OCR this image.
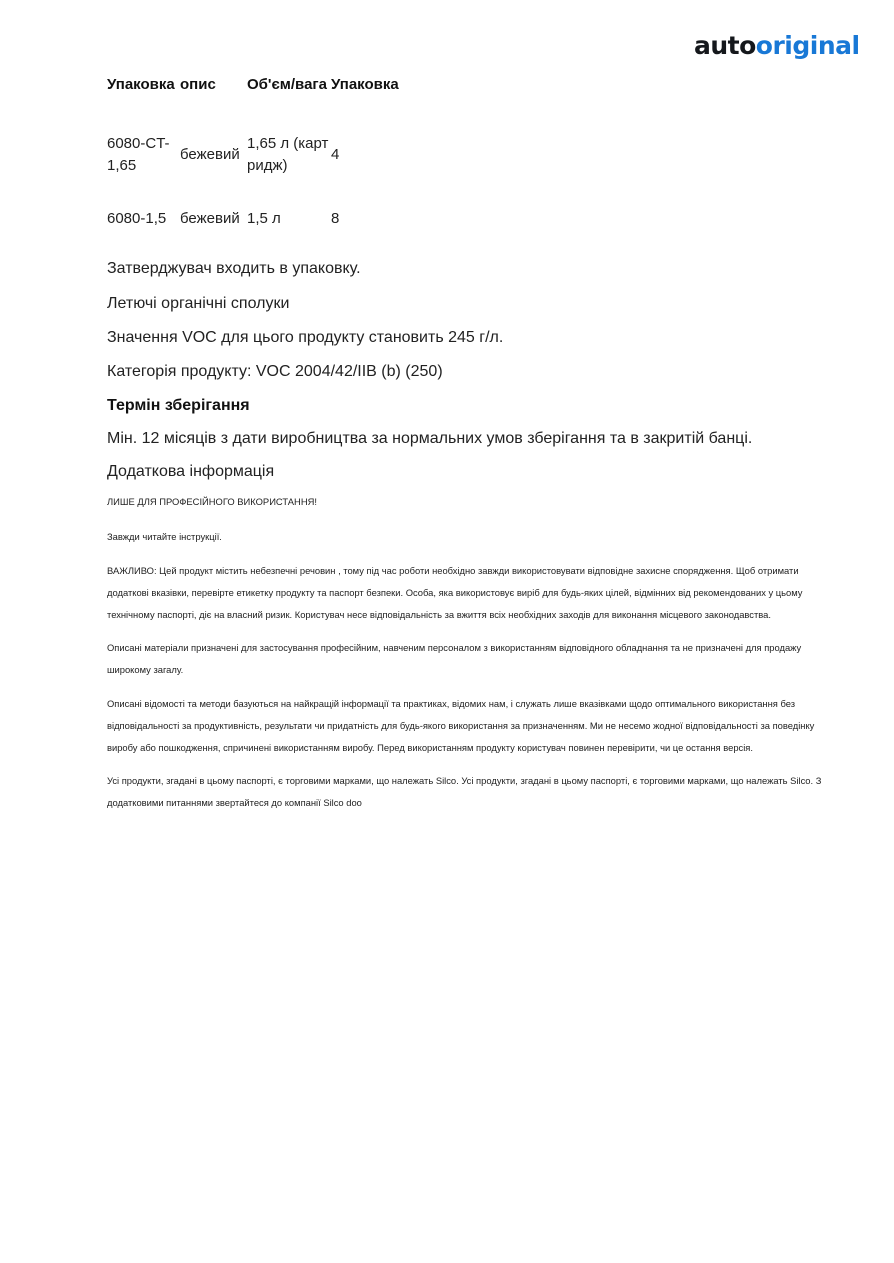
autooriginal
Упаковка	опис	Об'єм/вага	Упаковка
6080-CT-1,65	бежевий	1,65 л (картридж)	4
6080-1,5	бежевий	1,5 л	8
Затверджувач входить в упаковку.
Летючі органічні сполуки
Значення VOC для цього продукту становить 245 г/л.
Категорія продукту: VOC 2004/42/IIB (b) (250)
Термін зберігання
Мін. 12 місяців з дати виробництва за нормальних умов зберігання та в закритій банці.
Додаткова інформація
ЛИШЕ ДЛЯ ПРОФЕСІЙНОГО ВИКОРИСТАННЯ!
Завжди читайте інструкції.
ВАЖЛИВО: Цей продукт містить небезпечні речовин , тому під час роботи необхідно завжди використовувати відповідне захисне спорядження. Щоб отримати додаткові вказівки, перевірте етикетку продукту та паспорт безпеки. Особа, яка використовує виріб для будь-яких цілей, відмінних від рекомендованих у цьому технічному паспорті, діє на власний ризик. Користувач несе відповідальність за вжиття всіх необхідних заходів для виконання місцевого законодавства.
Описані матеріали призначені для застосування професійним, навченим персоналом з використанням відповідного обладнання та не призначені для продажу широкому загалу.
Описані відомості та методи базуються на найкращій інформації та практиках, відомих нам, і служать лише вказівками щодо оптимального використання без відповідальності за продуктивність, результати чи придатність для будь-якого використання за призначенням. Ми не несемо жодної відповідальності за поведінку виробу або пошкодження, спричинені використанням виробу. Перед використанням продукту користувач повинен перевірити, чи це остання версія.
Усі продукти, згадані в цьому паспорті, є торговими марками, що належать Silco. Усі продукти, згадані в цьому паспорті, є торговими марками, що належать Silco. З додатковими питаннями звертайтеся до компанії Silco doo
